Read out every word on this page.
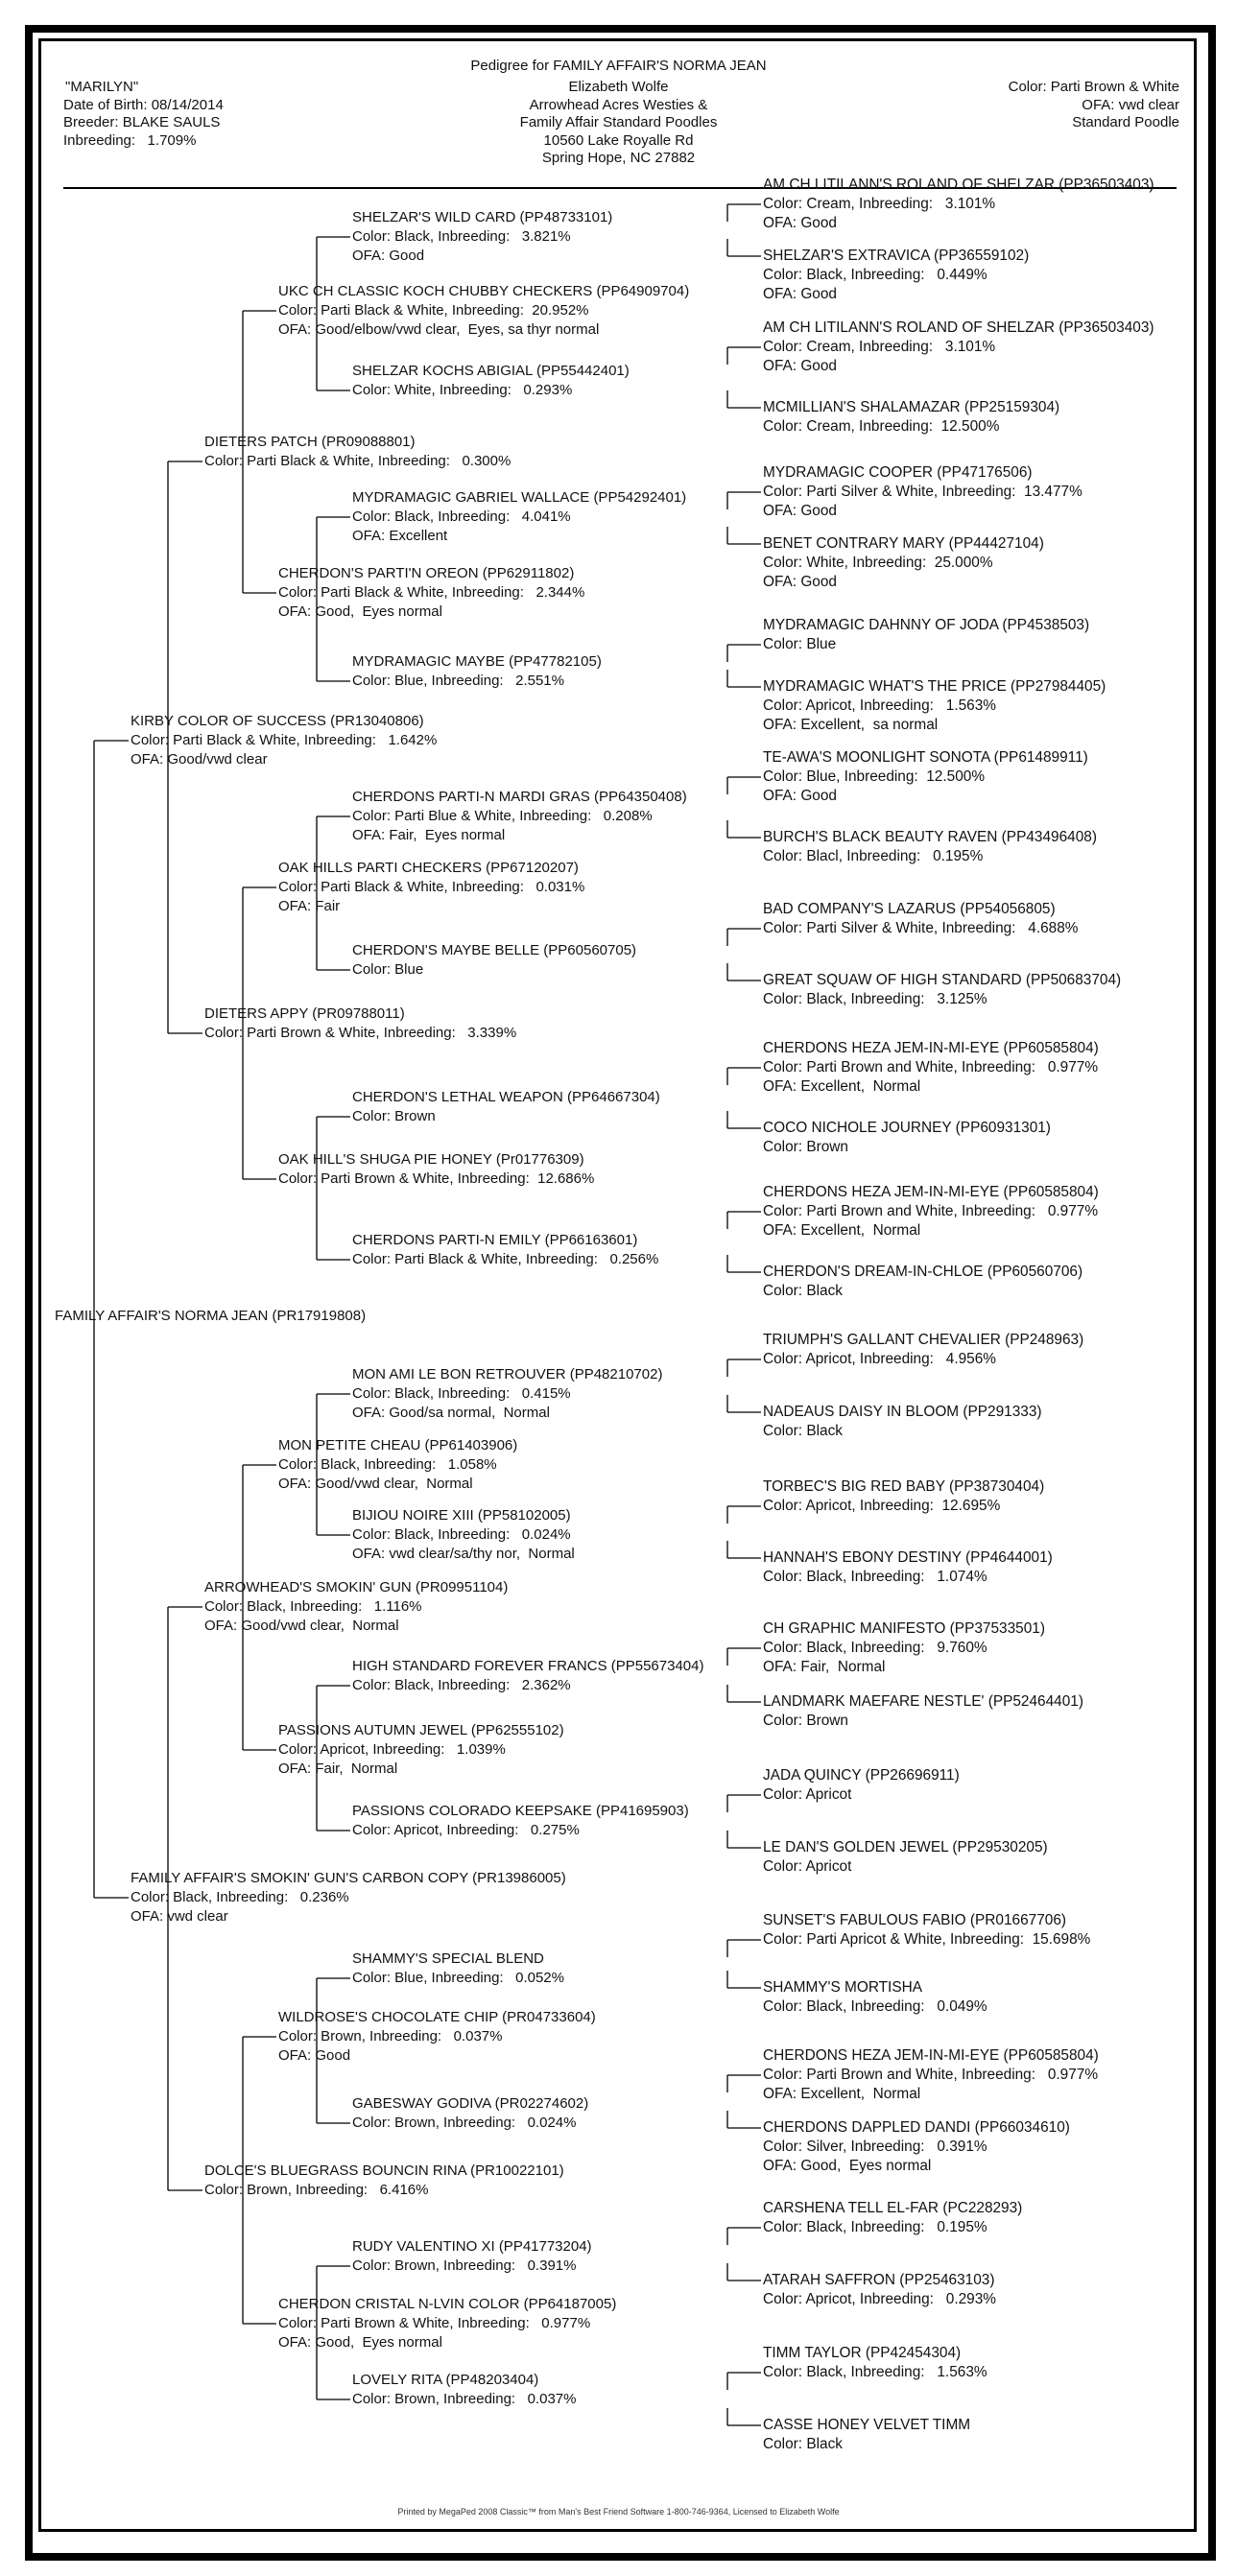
Pedigree for FAMILY AFFAIR'S NORMA JEAN
"MARILYN"
Date of Birth: 08/14/2014
Breeder: BLAKE SAULS
Inbreeding:   1.709%
Elizabeth Wolfe
Arrowhead Acres Westies &
Family Affair Standard Poodles
10560 Lake Royalle Rd
Spring Hope, NC 27882
Color: Parti Brown & White
OFA: vwd clear
Standard Poodle
FAMILY AFFAIR'S NORMA JEAN (PR17919808)
KIRBY COLOR OF SUCCESS (PR13040806)
Color: Parti Black & White, Inbreeding:   1.642%
OFA: Good/vwd clear
FAMILY AFFAIR'S SMOKIN' GUN'S CARBON COPY (PR13986005)
Color: Black, Inbreeding:   0.236%
OFA: vwd clear
DIETERS PATCH (PR09088801)
Color: Parti Black & White, Inbreeding:   0.300%
DIETERS APPY (PR09788011)
Color: Parti Brown & White, Inbreeding:   3.339%
ARROWHEAD'S SMOKIN' GUN (PR09951104)
Color: Black, Inbreeding:   1.116%
OFA: Good/vwd clear,  Normal
DOLCE'S BLUEGRASS BOUNCIN RINA (PR10022101)
Color: Brown, Inbreeding:   6.416%
UKC CH CLASSIC KOCH CHUBBY CHECKERS (PP64909704)
Color: Parti Black & White, Inbreeding:  20.952%
OFA: Good/elbow/vwd clear,  Eyes, sa thyr normal
CHERDON'S PARTI'N OREON (PP62911802)
Color: Parti Black & White, Inbreeding:   2.344%
OFA: Good,  Eyes normal
OAK HILLS PARTI CHECKERS (PP67120207)
Color: Parti Black & White, Inbreeding:   0.031%
OFA: Fair
OAK HILL'S SHUGA PIE HONEY (Pr01776309)
Color: Parti Brown & White, Inbreeding:  12.686%
MON PETITE CHEAU (PP61403906)
Color: Black, Inbreeding:   1.058%
OFA: Good/vwd clear,  Normal
PASSIONS AUTUMN JEWEL (PP62555102)
Color: Apricot, Inbreeding:   1.039%
OFA: Fair,  Normal
WILDROSE'S CHOCOLATE CHIP (PR04733604)
Color: Brown, Inbreeding:   0.037%
OFA: Good
CHERDON CRISTAL N-LVIN COLOR (PP64187005)
Color: Parti Brown & White, Inbreeding:   0.977%
OFA: Good,  Eyes normal
SHELZAR'S WILD CARD (PP48733101)
Color: Black, Inbreeding:   3.821%
OFA: Good
SHELZAR KOCHS ABIGIAL (PP55442401)
Color: White, Inbreeding:   0.293%
MYDRAMAGIC GABRIEL WALLACE (PP54292401)
Color: Black, Inbreeding:   4.041%
OFA: Excellent
MYDRAMAGIC MAYBE (PP47782105)
Color: Blue, Inbreeding:   2.551%
CHERDONS PARTI-N MARDI GRAS (PP64350408)
Color: Parti Blue & White, Inbreeding:   0.208%
OFA: Fair,  Eyes normal
CHERDON'S MAYBE BELLE (PP60560705)
Color: Blue
CHERDON'S LETHAL WEAPON (PP64667304)
Color: Brown
CHERDONS PARTI-N EMILY (PP66163601)
Color: Parti Black & White, Inbreeding:   0.256%
MON AMI LE BON RETROUVER (PP48210702)
Color: Black, Inbreeding:   0.415%
OFA: Good/sa normal,  Normal
BIJIOU NOIRE XIII (PP58102005)
Color: Black, Inbreeding:   0.024%
OFA: vwd clear/sa/thy nor,  Normal
HIGH STANDARD FOREVER FRANCS (PP55673404)
Color: Black, Inbreeding:   2.362%
PASSIONS COLORADO KEEPSAKE (PP41695903)
Color: Apricot, Inbreeding:   0.275%
SHAMMY'S SPECIAL BLEND
Color: Blue, Inbreeding:   0.052%
GABESWAY GODIVA (PR02274602)
Color: Brown, Inbreeding:   0.024%
RUDY VALENTINO XI (PP41773204)
Color: Brown, Inbreeding:   0.391%
LOVELY RITA (PP48203404)
Color: Brown, Inbreeding:   0.037%
AM CH LITILANN'S ROLAND OF SHELZAR (PP36503403)
Color: Cream, Inbreeding:   3.101%
OFA: Good
SHELZAR'S EXTRAVICA (PP36559102)
Color: Black, Inbreeding:   0.449%
OFA: Good
AM CH LITILANN'S ROLAND OF SHELZAR (PP36503403)
Color: Cream, Inbreeding:   3.101%
OFA: Good
MCMILLIAN'S SHALAMAZAR (PP25159304)
Color: Cream, Inbreeding:  12.500%
MYDRAMAGIC COOPER (PP47176506)
Color: Parti Silver & White, Inbreeding:  13.477%
OFA: Good
BENET CONTRARY MARY (PP44427104)
Color: White, Inbreeding:  25.000%
OFA: Good
MYDRAMAGIC DAHNNY OF JODA (PP4538503)
Color: Blue
MYDRAMAGIC WHAT'S THE PRICE (PP27984405)
Color: Apricot, Inbreeding:   1.563%
OFA: Excellent,  sa normal
TE-AWA'S MOONLIGHT SONOTA (PP61489911)
Color: Blue, Inbreeding:  12.500%
OFA: Good
BURCH'S BLACK BEAUTY RAVEN (PP43496408)
Color: Blacl, Inbreeding:   0.195%
BAD COMPANY'S LAZARUS (PP54056805)
Color: Parti Silver & White, Inbreeding:   4.688%
GREAT SQUAW OF HIGH STANDARD (PP50683704)
Color: Black, Inbreeding:   3.125%
CHERDONS HEZA JEM-IN-MI-EYE (PP60585804)
Color: Parti Brown and White, Inbreeding:   0.977%
OFA: Excellent,  Normal
COCO NICHOLE JOURNEY (PP60931301)
Color: Brown
CHERDONS HEZA JEM-IN-MI-EYE (PP60585804)
Color: Parti Brown and White, Inbreeding:   0.977%
OFA: Excellent,  Normal
CHERDON'S DREAM-IN-CHLOE (PP60560706)
Color: Black
TRIUMPH'S GALLANT CHEVALIER (PP248963)
Color: Apricot, Inbreeding:   4.956%
NADEAUS DAISY IN BLOOM (PP291333)
Color: Black
TORBEC'S BIG RED BABY (PP38730404)
Color: Apricot, Inbreeding:  12.695%
HANNAH'S EBONY DESTINY (PP4644001)
Color: Black, Inbreeding:   1.074%
CH GRAPHIC MANIFESTO (PP37533501)
Color: Black, Inbreeding:   9.760%
OFA: Fair,  Normal
LANDMARK MAEFARE NESTLE' (PP52464401)
Color: Brown
JADA QUINCY (PP26696911)
Color: Apricot
LE DAN'S GOLDEN JEWEL (PP29530205)
Color: Apricot
SUNSET'S FABULOUS FABIO (PR01667706)
Color: Parti Apricot & White, Inbreeding:  15.698%
SHAMMY'S MORTISHA
Color: Black, Inbreeding:   0.049%
CHERDONS HEZA JEM-IN-MI-EYE (PP60585804)
Color: Parti Brown and White, Inbreeding:   0.977%
OFA: Excellent,  Normal
CHERDONS DAPPLED DANDI (PP66034610)
Color: Silver, Inbreeding:   0.391%
OFA: Good,  Eyes normal
CARSHENA TELL EL-FAR (PC228293)
Color: Black, Inbreeding:   0.195%
ATARAH SAFFRON (PP25463103)
Color: Apricot, Inbreeding:   0.293%
TIMM TAYLOR (PP42454304)
Color: Black, Inbreeding:   1.563%
CASSE HONEY VELVET TIMM
Color: Black
Printed by MegaPed 2008 Classic™ from Man's Best Friend Software 1-800-746-9364, Licensed to Elizabeth Wolfe
